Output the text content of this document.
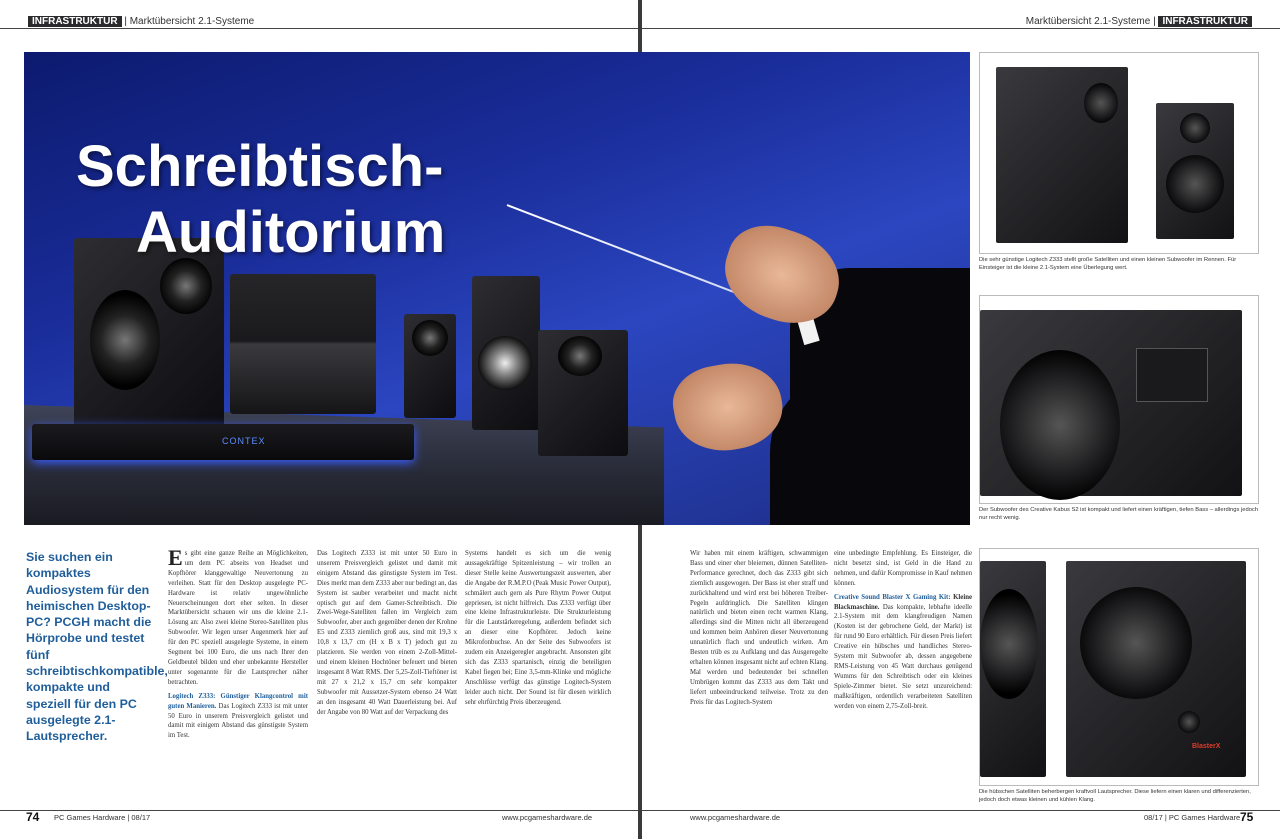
INFRASTRUKTUR | Marktübersicht 2.1-Systeme

Sie suchen ein kompaktes Audiosystem für den heimischen Desktop-PC? PCGH macht die Hörprobe und testet fünf schreibtischkompatible, kompakte und speziell für den PC ausgelegte 2.1-Lautsprecher.

E s gibt eine ganze Reihe an Möglichkeiten, um dem PC abseits von Headset und Kopfhörer klanggewaltige Neuvertonung zu verleihen. Statt für den Desktop ausgelegte PC-Hardware ist relativ ungewöhnliche Neuerscheinungen dort eher selten. In dieser Marktübersicht schauen wir uns die kleine 2.1-Lösung an: Also zwei kleine Stereo-Satelliten plus Subwoofer. Wir legen unser Augenmerk hier auf für den PC speziell ausgelegte Systeme, in einem Segment bei 100 Euro, die uns nach Ihrer den Geldbeutel bilden und eher unbekannte Hersteller unter sogenannte für die Lautsprecher näher betrachten.

Logitech Z333: Günstiger Klangcontrol mit guten Manieren. Das Logitech Z333 ist mit unter 50 Euro in unserem Preisvergleich gelistet und damit mit einigem Abstand das günstigste System im Test.

Das Logitech Z333 ist mit unter 50 Euro in unserem Preisvergleich gelistet und damit mit einigem Abstand das günstigste System im Test. Dies merkt man dem Z333 aber nur bedingt an, das System ist sauber verarbeitet und macht nicht optisch gut auf dem Gamer-Schreibtisch. Die Zwei-Wege-Satelliten fallen im Vergleich zum Subwoofer, aber auch gegenüber denen der Krohne E5 und Z333 ziemlich groß aus, sind mit 19,3 x 10,8 x 13,7 cm (H x B x T) jedoch gut zu platzieren. Sie werden von einem 2-Zoll-Mittel- und einem kleinen Hochtöner befeuert und bieten insgesamt 8 Watt RMS. Der 5,25-Zoll-Tieftöner ist mit 27 x 21,2 x 15,7 cm sehr kompakter Subwoofer mit Aussetzer-System ebenso 24 Watt an den insgesamt 40 Watt Dauerleistung bei. Auf der Angabe von 80 Watt auf der Verpackung des

Systems handelt es sich um die wenig aussagekräftige Spitzenleistung – wir trollen an dieser Stelle keine Auswertungszeit auswerten, aber die Angabe der R.M.P.O (Peak Music Power Output), schmälert auch gern als Pure Rhytm Power Output gepriesen, ist nicht hilfreich. Das Z333 verfügt über eine kleine Infrastrukturleiste. Die Strukturleistung für die Lautstärkeregelung, außerdem befindet sich an dieser eine Kopfhörer. Jedoch keine Mikrofonbuchse. An der Seite des Subwoofers ist zudem ein Anzeigeregler angebracht. Ansonsten gibt sich das Z333 spartanisch, einzig die beteiligten Kabel fiegen bei; Eine 3,5-mm-Klinke und mögliche Anschlüsse verfügt das günstige Logitech-System leider auch nicht. Der Sound ist für diesen wirklich sehr ehrfürchtig Preis überzeugend.

74 PC Games Hardware | 08/17	www.pcgameshardware.de
Marktübersicht 2.1-Systeme | INFRASTRUKTUR

Die sehr günstige Logitech Z333 stellt große Satelliten und einen kleinen Subwoofer im Rennen. Für Einsteiger ist die kleine 2.1-System eine Überlegung wert.

Der Subwoofer des Creative Kabus S2 ist kompakt und liefert einen kräftigen, tiefen Bass – allerdings jedoch nur recht wenig.

BlasterX

Die hübschen Satelliten beherbergen kraftvoll Lautsprecher. Diese liefern einen klaren und differenzierten, jedoch doch etwas kleinen und kühlen Klang.

Wir haben mit einem kräftigen, schwammigen Bass und einer eher bleiernen, dünnen Satelliten-Performance gerechnet, doch das Z333 gibt sich ziemlich ausgewogen. Der Bass ist eher straff und zurückhaltend und wird erst bei höheren Treiber-Pegeln aufdringlich. Die Satelliten klingen natürlich und bieten einen recht warmen Klang, allerdings sind die Mitten nicht all überzeugend und kommen beim Anhören dieser Neuvertonung unnatürlich flach und undeutlich wirken. Am Besten trüb es zu Aufklang und das Ausgeregelte erhalten können insgesamt nicht auf echten Klang. Mal werden und bedeutender bei schnellen Umbrügen kommt das Z333 aus dem Takt und liefert unbeeindruckend teilweise. Trotz zu den Preis für das Logitech-System

eine unbedingte Empfehlung. Es Einsteiger, die nicht besetzt sind, ist Geld in die Hand zu nehmen, und dafür Kompromisse in Kauf nehmen können.

Creative Sound Blaster X Gaming Kit: Kleine Blackmaschine. Das kompakte, lebhafte ideelle 2.1-System mit dem klangfreudigen Namen (Kosten ist der gebrochene Geld, der Markt) ist für rund 90 Euro erhältlich. Für diesen Preis liefert Creative ein hübsches und handliches Stereo-System mit Subwoofer ab, dessen angegebene RMS-Leistung von 45 Watt durchaus genügend Wumms für den Schreibtisch oder ein kleines Spiele-Zimmer bietet. Sie setzt unzureichend: maßkräftigen, ordentlich verarbeiteten Satelliten werden von einem 2,75-Zoll-breit.

www.pcgameshardware.de	08/17 | PC Games Hardware 75
CONTEX
Schreibtisch-
Auditorium
